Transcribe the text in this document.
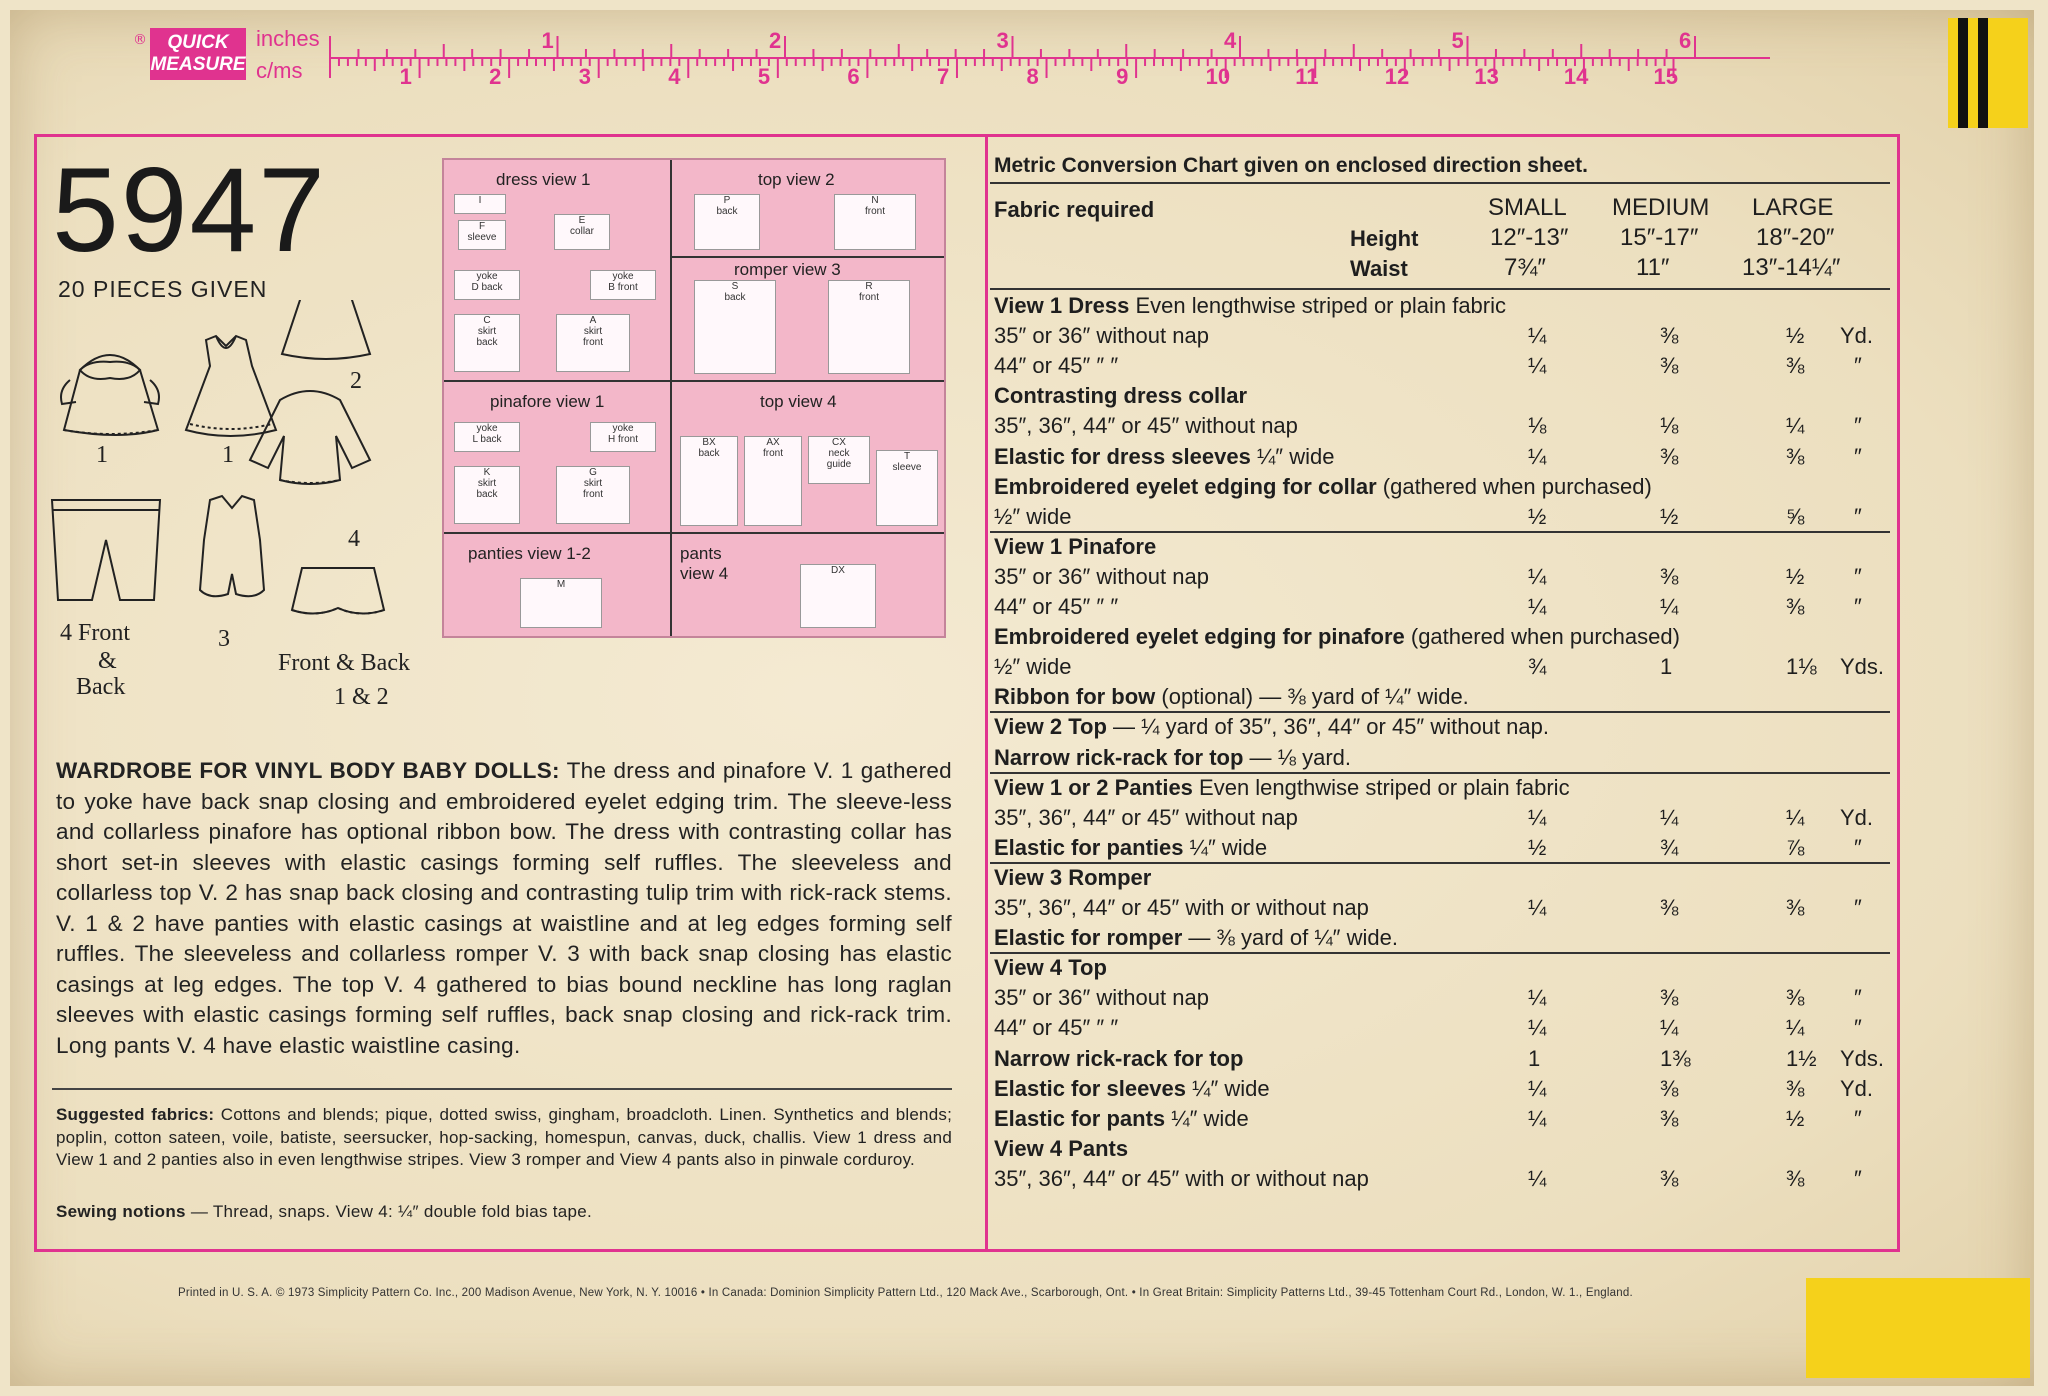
®	QUICK
MEASURE
inches
c/ms
1	2	3	4	5	6
1	2	3	4	5	6	7	8	9	10	11	12	13	14	15
5947
20 PIECES GIVEN
1	1
2
4
4 Front
&
Back
3
Front & Back
1 & 2
dress view 1	top view 2
romper view 3
pinafore view 1	top view 4
panties view 1-2	pants
view 4
I
F
sleeve
E
collar
yoke
D back
yoke
B front
C
skirt
back
A
skirt
front
P
back
N
front
S
back
R
front
yoke
L back
yoke
H front
K
skirt
back
G
skirt
front
BX
back
AX
front
CX
neck
guide
T
sleeve
M
DX
WARDROBE FOR VINYL BODY BABY DOLLS: The dress and pinafore V. 1 gathered to yoke have back snap closing and embroidered eyelet edging trim. The sleeve-less and collarless pinafore has optional ribbon bow. The dress with contrasting collar has short set-in sleeves with elastic casings forming self ruffles. The sleeveless and collarless top V. 2 has snap back closing and contrasting tulip trim with rick-rack stems. V. 1 & 2 have panties with elastic casings at waistline and at leg edges forming self ruffles. The sleeveless and collarless romper V. 3 with back snap closing has elastic casings at leg edges. The top V. 4 gathered to bias bound neckline has long raglan sleeves with elastic casings forming self ruffles, back snap closing and rick-rack trim. Long pants V. 4 have elastic waistline casing.
Suggested fabrics: Cottons and blends; pique, dotted swiss, gingham, broadcloth. Linen. Synthetics and blends; poplin, cotton sateen, voile, batiste, seersucker, hop-sacking, homespun, canvas, duck, challis. View 1 dress and View 1 and 2 panties also in even lengthwise stripes. View 3 romper and View 4 pants also in pinwale corduroy.
Sewing notions — Thread, snaps. View 4: ¼″ double fold bias tape.
Metric Conversion Chart given on enclosed direction sheet.
Fabric required	SMALL MEDIUM LARGE
Height	12″-13″ 15″-17″ 18″-20″
Waist	7¾″	11″	13″-14¼″
View 1 Dress Even lengthwise striped or plain fabric
35″ or 36″ without nap	¼	⅜	½ Yd.
44″ or 45″ ″ ″	¼	⅜	⅜ ″
Contrasting dress collar
35″, 36″, 44″ or 45″ without nap	⅛	⅛	¼ ″
Elastic for dress sleeves ¼″ wide	¼	⅜	⅜ ″
Embroidered eyelet edging for collar (gathered when purchased)
½″ wide	½	½	⅝ ″
View 1 Pinafore
35″ or 36″ without nap	¼	⅜	½ ″
44″ or 45″ ″ ″	¼	¼	⅜ ″
Embroidered eyelet edging for pinafore (gathered when purchased)
½″ wide	¾	1	1⅛ Yds.
Ribbon for bow (optional) — ⅜ yard of ¼″ wide.
View 2 Top — ¼ yard of 35″, 36″, 44″ or 45″ without nap.
Narrow rick-rack for top — ⅛ yard.
View 1 or 2 Panties Even lengthwise striped or plain fabric
35″, 36″, 44″ or 45″ without nap	¼	¼	¼ Yd.
Elastic for panties ¼″ wide	½	¾	⅞ ″
View 3 Romper
35″, 36″, 44″ or 45″ with or without nap	¼	⅜	⅜ ″
Elastic for romper — ⅜ yard of ¼″ wide.
View 4 Top
35″ or 36″ without nap	¼	⅜	⅜ ″
44″ or 45″ ″ ″	¼	¼	¼ ″
Narrow rick-rack for top	1	1⅜	1½ Yds.
Elastic for sleeves ¼″ wide	¼	⅜	⅜ Yd.
Elastic for pants ¼″ wide	¼	⅜	½ ″
View 4 Pants
35″, 36″, 44″ or 45″ with or without nap	¼	⅜	⅜ ″
Printed in U. S. A. © 1973 Simplicity Pattern Co. Inc., 200 Madison Avenue, New York, N. Y. 10016 • In Canada: Dominion Simplicity Pattern Ltd., 120 Mack Ave., Scarborough, Ont. • In Great Britain: Simplicity Patterns Ltd., 39-45 Tottenham Court Rd., London, W. 1., England.
